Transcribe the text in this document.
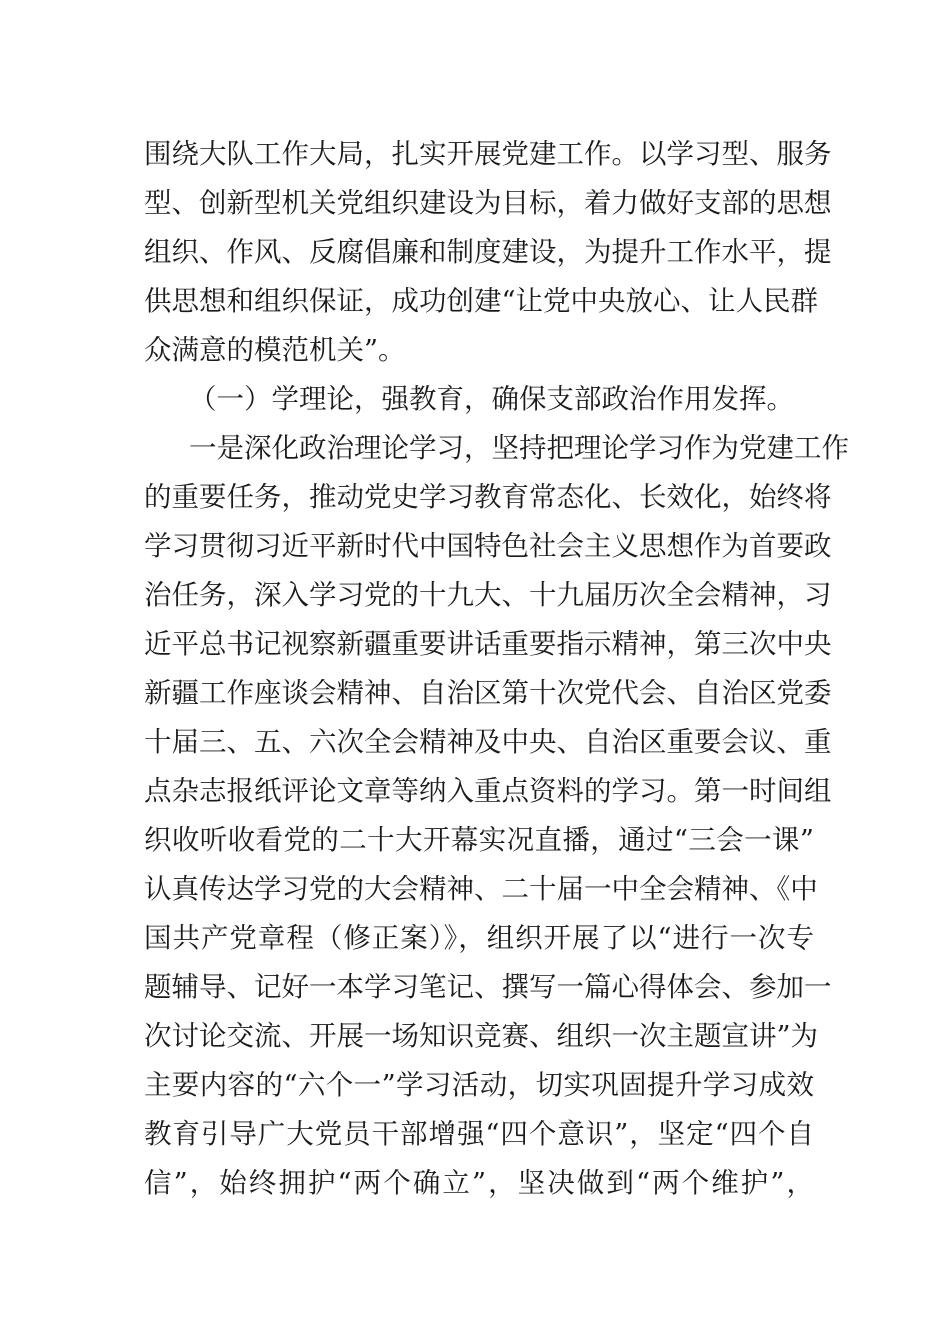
围绕大队工作大局，扎实开展党建工作。以学习型、服务
型、创新型机关党组织建设为目标，着力做好支部的思想
组织、作风、反腐倡廉和制度建设，为提升工作水平，提
供思想和组织保证，成功创建“让党中央放心、让人民群
众满意的模范机关”。
（一）学理论，强教育，确保支部政治作用发挥。
一是深化政治理论学习，坚持把理论学习作为党建工作
的重要任务，推动党史学习教育常态化、长效化，始终将
学习贯彻习近平新时代中国特色社会主义思想作为首要政
治任务，深入学习党的十九大、十九届历次全会精神，习
近平总书记视察新疆重要讲话重要指示精神，第三次中央
新疆工作座谈会精神、自治区第十次党代会、自治区党委
十届三、五、六次全会精神及中央、自治区重要会议、重
点杂志报纸评论文章等纳入重点资料的学习。第一时间组
织收听收看党的二十大开幕实况直播，通过“三会一课”
认真传达学习党的大会精神、二十届一中全会精神、《中
国共产党章程（修正案）》，组织开展了以“进行一次专
题辅导、记好一本学习笔记、撰写一篇心得体会、参加一
次讨论交流、开展一场知识竞赛、组织一次主题宣讲”为
主要内容的“六个一”学习活动，切实巩固提升学习成效
教育引导广大党员干部增强“四个意识”，坚定“四个自
信”，始终拥护“两个确立”，坚决做到“两个维护”，
